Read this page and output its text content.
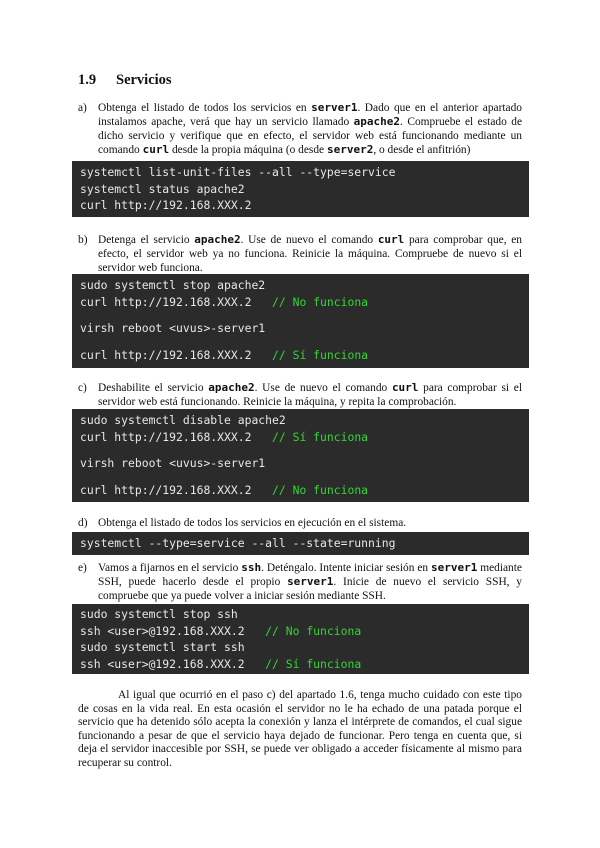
1.9 Servicios
a) Obtenga el listado de todos los servicios en server1. Dado que en el anterior apartado instalamos apache, verá que hay un servicio llamado apache2. Compruebe el estado de dicho servicio y verifique que en efecto, el servidor web está funcionando mediante un comando curl desde la propia máquina (o desde server2, o desde el anfitrión)
systemctl list-unit-files --all --type=service
systemctl status apache2
curl http://192.168.XXX.2
b) Detenga el servicio apache2. Use de nuevo el comando curl para comprobar que, en efecto, el servidor web ya no funciona. Reinicie la máquina. Compruebe de nuevo si el servidor web funciona.
sudo systemctl stop apache2
curl http://192.168.XXX.2 // No funciona
virsh reboot <uvus>-server1
curl http://192.168.XXX.2 // Sí funciona
c) Deshabilite el servicio apache2. Use de nuevo el comando curl para comprobar si el servidor web está funcionando. Reinicie la máquina, y repita la comprobación.
sudo systemctl disable apache2
curl http://192.168.XXX.2 // Sí funciona
virsh reboot <uvus>-server1
curl http://192.168.XXX.2 // No funciona
d) Obtenga el listado de todos los servicios en ejecución en el sistema.
systemctl --type=service --all --state=running
e) Vamos a fijarnos en el servicio ssh. Deténgalo. Intente iniciar sesión en server1 mediante SSH, puede hacerlo desde el propio server1. Inicie de nuevo el servicio SSH, y compruebe que ya puede volver a iniciar sesión mediante SSH.
sudo systemctl stop ssh
ssh <user>@192.168.XXX.2 // No funciona
sudo systemctl start ssh
ssh <user>@192.168.XXX.2 // Sí funciona
Al igual que ocurrió en el paso c) del apartado 1.6, tenga mucho cuidado con este tipo de cosas en la vida real. En esta ocasión el servidor no le ha echado de una patada porque el servicio que ha detenido sólo acepta la conexión y lanza el intérprete de comandos, el cual sigue funcionando a pesar de que el servicio haya dejado de funcionar. Pero tenga en cuenta que, si deja el servidor inaccesible por SSH, se puede ver obligado a acceder físicamente al mismo para recuperar su control.
